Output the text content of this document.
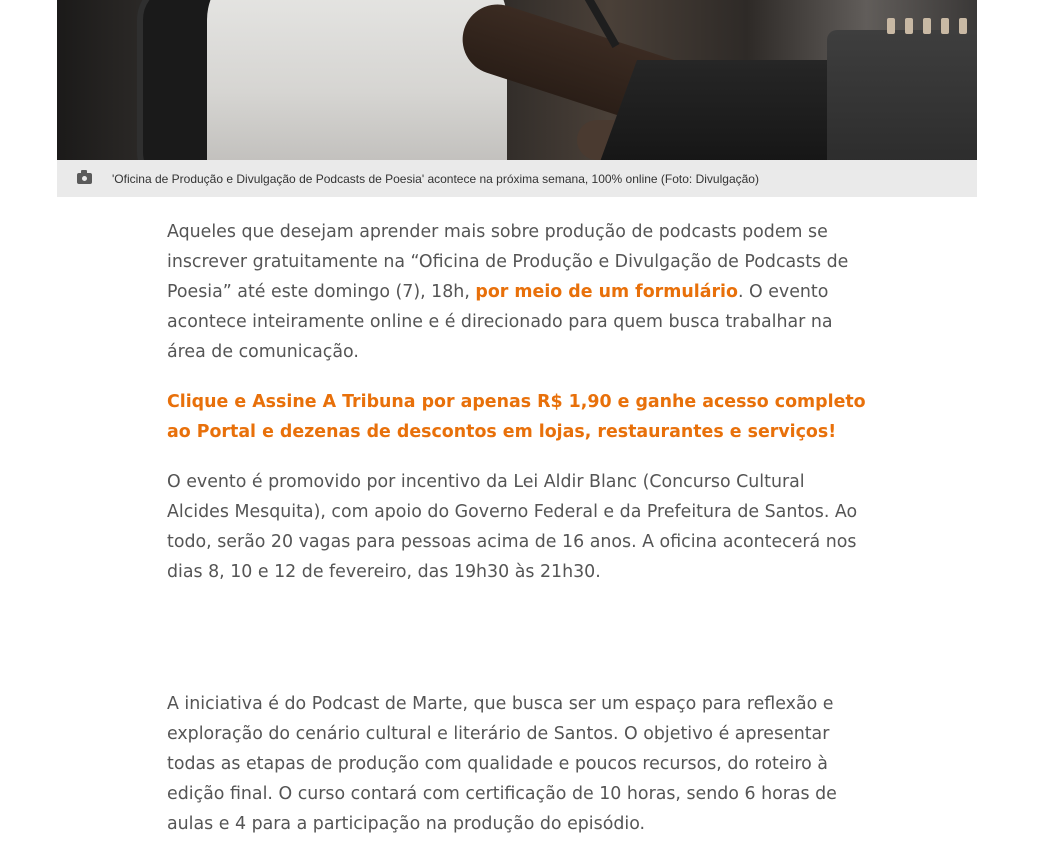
'Oficina de Produção e Divulgação de Podcasts de Poesia' acontece na próxima semana, 100% online (Foto: Divulgação)

Aqueles que desejam aprender mais sobre produção de podcasts podem se inscrever gratuitamente na “Oficina de Produção e Divulgação de Podcasts de Poesia” até este domingo (7), 18h, por meio de um formulário. O evento acontece inteiramente online e é direcionado para quem busca trabalhar na área de comunicação.

Clique e Assine A Tribuna por apenas R$ 1,90 e ganhe acesso completo ao Portal e dezenas de descontos em lojas, restaurantes e serviços!

O evento é promovido por incentivo da Lei Aldir Blanc (Concurso Cultural Alcides Mesquita), com apoio do Governo Federal e da Prefeitura de Santos. Ao todo, serão 20 vagas para pessoas acima de 16 anos. A oficina acontecerá nos dias 8, 10 e 12 de fevereiro, das 19h30 às 21h30.

A iniciativa é do Podcast de Marte, que busca ser um espaço para reflexão e exploração do cenário cultural e literário de Santos. O objetivo é apresentar todas as etapas de produção com qualidade e poucos recursos, do roteiro à edição final. O curso contará com certificação de 10 horas, sendo 6 horas de aulas e 4 para a participação na produção do episódio.
